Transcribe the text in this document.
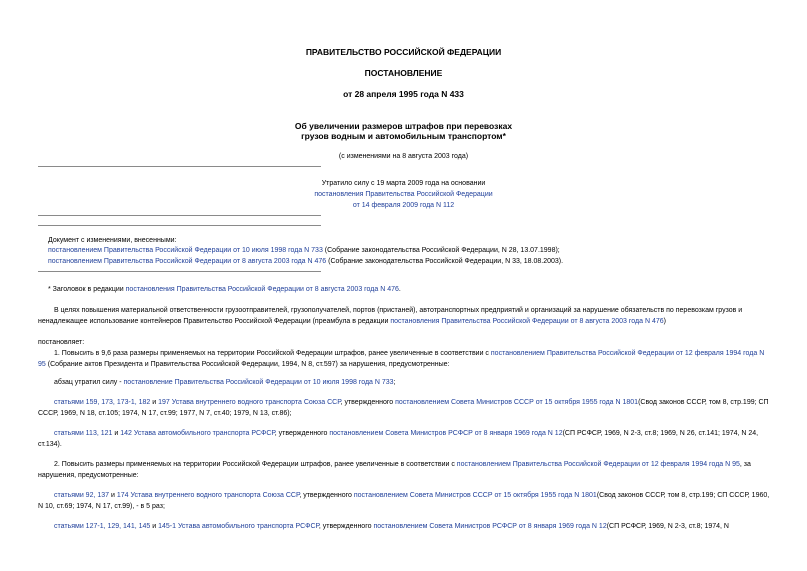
ПРАВИТЕЛЬСТВО РОССИЙСКОЙ ФЕДЕРАЦИИ
ПОСТАНОВЛЕНИЕ
от 28 апреля 1995 года N 433
Об увеличении размеров штрафов при перевозках
грузов водным и автомобильным транспортом*
(с изменениями на 8 августа 2003 года)
Утратило силу с 19 марта 2009 года на основании
постановления Правительства Российской Федерации
от 14 февраля 2009 года N 112
Документ с изменениями, внесенными:
постановлением Правительства Российской Федерации от 10 июля 1998 года N 733 (Собрание законодательства Российской Федерации, N 28, 13.07.1998);
постановлением Правительства Российской Федерации от 8 августа 2003 года N 476 (Собрание законодательства Российской Федерации, N 33, 18.08.2003).
* Заголовок в редакции постановления Правительства Российской Федерации от 8 августа 2003 года N 476.
В целях повышения материальной ответственности грузоотправителей, грузополучателей, портов (пристаней), автотранспортных предприятий и организаций за нарушение обязательств по перевозкам грузов и ненадлежащее использование контейнеров Правительство Российской Федерации (преамбула в редакции постановления Правительства Российской Федерации от 8 августа 2003 года N 476)
постановляет:
1. Повысить в 9,6 раза размеры применяемых на территории Российской Федерации штрафов, ранее увеличенные в соответствии с постановлением Правительства Российской Федерации от 12 февраля 1994 года N 95 (Собрание актов Президента и Правительства Российской Федерации, 1994, N 8, ст.597) за нарушения, предусмотренные:
абзац утратил силу - постановление Правительства Российской Федерации от 10 июля 1998 года N 733;
статьями 159, 173, 173-1, 182 и 197 Устава внутреннего водного транспорта Союза ССР, утвержденного постановлением Совета Министров СССР от 15 октября 1955 года N 1801(Свод законов СССР, том 8, стр.199; СП СССР, 1969, N 18, ст.105; 1974, N 17, ст.99; 1977, N 7, ст.40; 1979, N 13, ст.86);
статьями 113, 121 и 142 Устава автомобильного транспорта РСФСР, утвержденного постановлением Совета Министров РСФСР от 8 января 1969 года N 12(СП РСФСР, 1969, N 2-3, ст.8; 1969, N 26, ст.141; 1974, N 24, ст.134).
2. Повысить размеры применяемых на территории Российской Федерации штрафов, ранее увеличенные в соответствии с постановлением Правительства Российской Федерации от 12 февраля 1994 года N 95, за нарушения, предусмотренные:
статьями 92, 137 и 174 Устава внутреннего водного транспорта Союза ССР, утвержденного постановлением Совета Министров СССР от 15 октября 1955 года N 1801(Свод законов СССР, том 8, стр.199; СП СССР, 1960, N 10, ст.69; 1974, N 17, ст.99), - в 5 раз;
статьями 127-1, 129, 141, 145 и 145-1 Устава автомобильного транспорта РСФСР, утвержденного постановлением Совета Министров РСФСР от 8 января 1969 года N 12(СП РСФСР, 1969, N 2-3, ст.8; 1974, N
